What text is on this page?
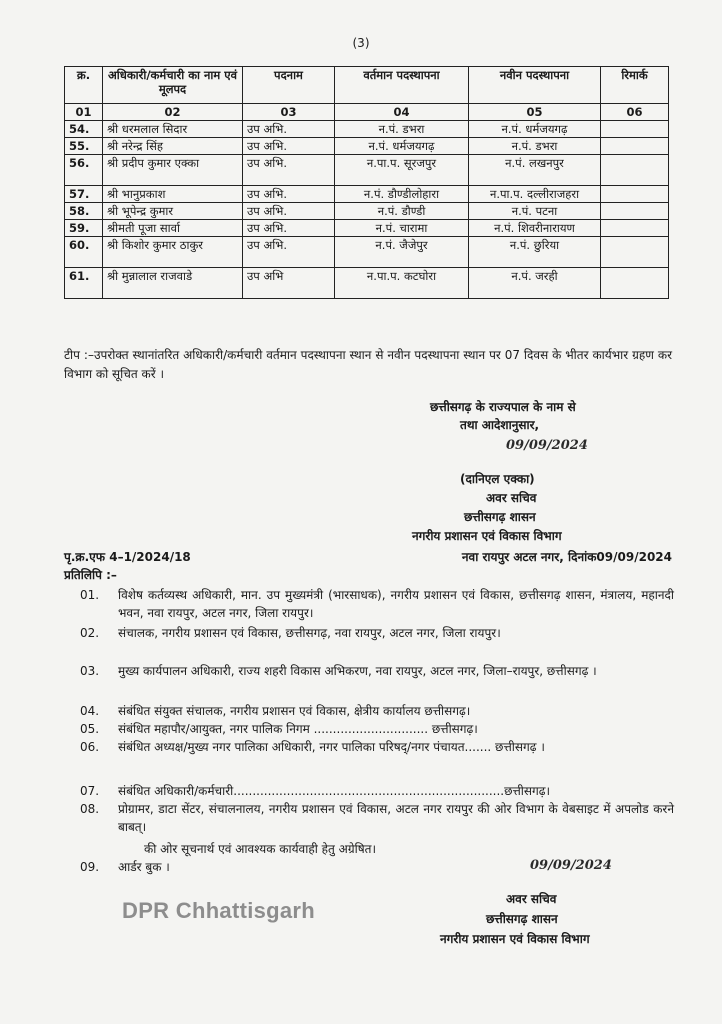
(3)
क्र.	अधिकारी/कर्मचारी का नाम एवं मूलपद	पदनाम	वर्तमान पदस्थापना	नवीन पदस्थापना	रिमार्क
01	02	03	04	05	06
54.	श्री धरमलाल सिदार	उप अभि.	न.पं. डभरा	न.पं. धर्मजयगढ़	
55.	श्री नरेन्द्र सिंह	उप अभि.	न.पं. धर्मजयगढ़	न.पं. डभरा	
56.	श्री प्रदीप कुमार एक्का	उप अभि.	न.पा.प. सूरजपुर	न.पं. लखनपुर	
57.	श्री भानुप्रकाश	उप अभि.	न.पं. डौण्डीलोहारा	न.पा.प. दल्लीराजहरा	
58.	श्री भूपेन्द्र कुमार	उप अभि.	न.पं. डौण्डी	न.पं. पटना	
59.	श्रीमती पूजा सार्वा	उप अभि.	न.पं. चारामा	न.पं. शिवरीनारायण	
60.	श्री किशोर कुमार ठाकुर	उप अभि.	न.पं. जैजेपुर	न.पं. छुरिया	
61.	श्री मुन्नालाल राजवाडे	उप अभि	न.पा.प. कटघोरा	न.पं. जरही	
टीप :–उपरोक्त स्थानांतरित अधिकारी/कर्मचारी वर्तमान पदस्थापना स्थान से नवीन पदस्थापना स्थान पर 07 दिवस के भीतर कार्यभार ग्रहण कर विभाग को सूचित करें ।
छत्तीसगढ़ के राज्यपाल के नाम से
तथा आदेशानुसार,
09/09/2024
(दानिएल एक्का)
अवर सचिव
छत्तीसगढ़ शासन
नगरीय प्रशासन एवं विकास विभाग
पृ.क्र.एफ 4–1/2024/18	नवा रायपुर अटल नगर, दिनांक09/09/2024
प्रतिलिपि :–
01.	विशेष कर्तव्यस्थ अधिकारी, मान. उप मुख्यमंत्री (भारसाधक), नगरीय प्रशासन एवं विकास, छत्तीसगढ़ शासन, मंत्रालय, महानदी भवन, नवा रायपुर, अटल नगर, जिला रायपुर।
02.	संचालक, नगरीय प्रशासन एवं विकास, छत्तीसगढ़, नवा रायपुर, अटल नगर, जिला रायपुर।
03.	मुख्य कार्यपालन अधिकारी, राज्य शहरी विकास अभिकरण, नवा रायपुर, अटल नगर, जिला–रायपुर, छत्तीसगढ़ ।
04.	संबंधित संयुक्त संचालक, नगरीय प्रशासन एवं विकास, क्षेत्रीय कार्यालय छत्तीसगढ़।
05.	संबंधित महापौर/आयुक्त, नगर पालिक निगम .............................. छत्तीसगढ़।
06.	संबंधित अध्यक्ष/मुख्य नगर पालिका अधिकारी, नगर पालिका परिषद्/नगर पंचायत....... छत्तीसगढ़ ।
07.	संबंधित अधिकारी/कर्मचारी.......................................................................छत्तीसगढ़।
08.	प्रोग्रामर, डाटा सेंटर, संचालनालय, नगरीय प्रशासन एवं विकास, अटल नगर रायपुर की ओर विभाग के वेबसाइट में अपलोड करने बाबत्।
की ओर सूचनार्थ एवं आवश्यक कार्यवाही हेतु अग्रेषित।
09.	आर्डर बुक ।	09/09/2024
अवर सचिव
छत्तीसगढ़ शासन
नगरीय प्रशासन एवं विकास विभाग
DPR Chhattisgarh
